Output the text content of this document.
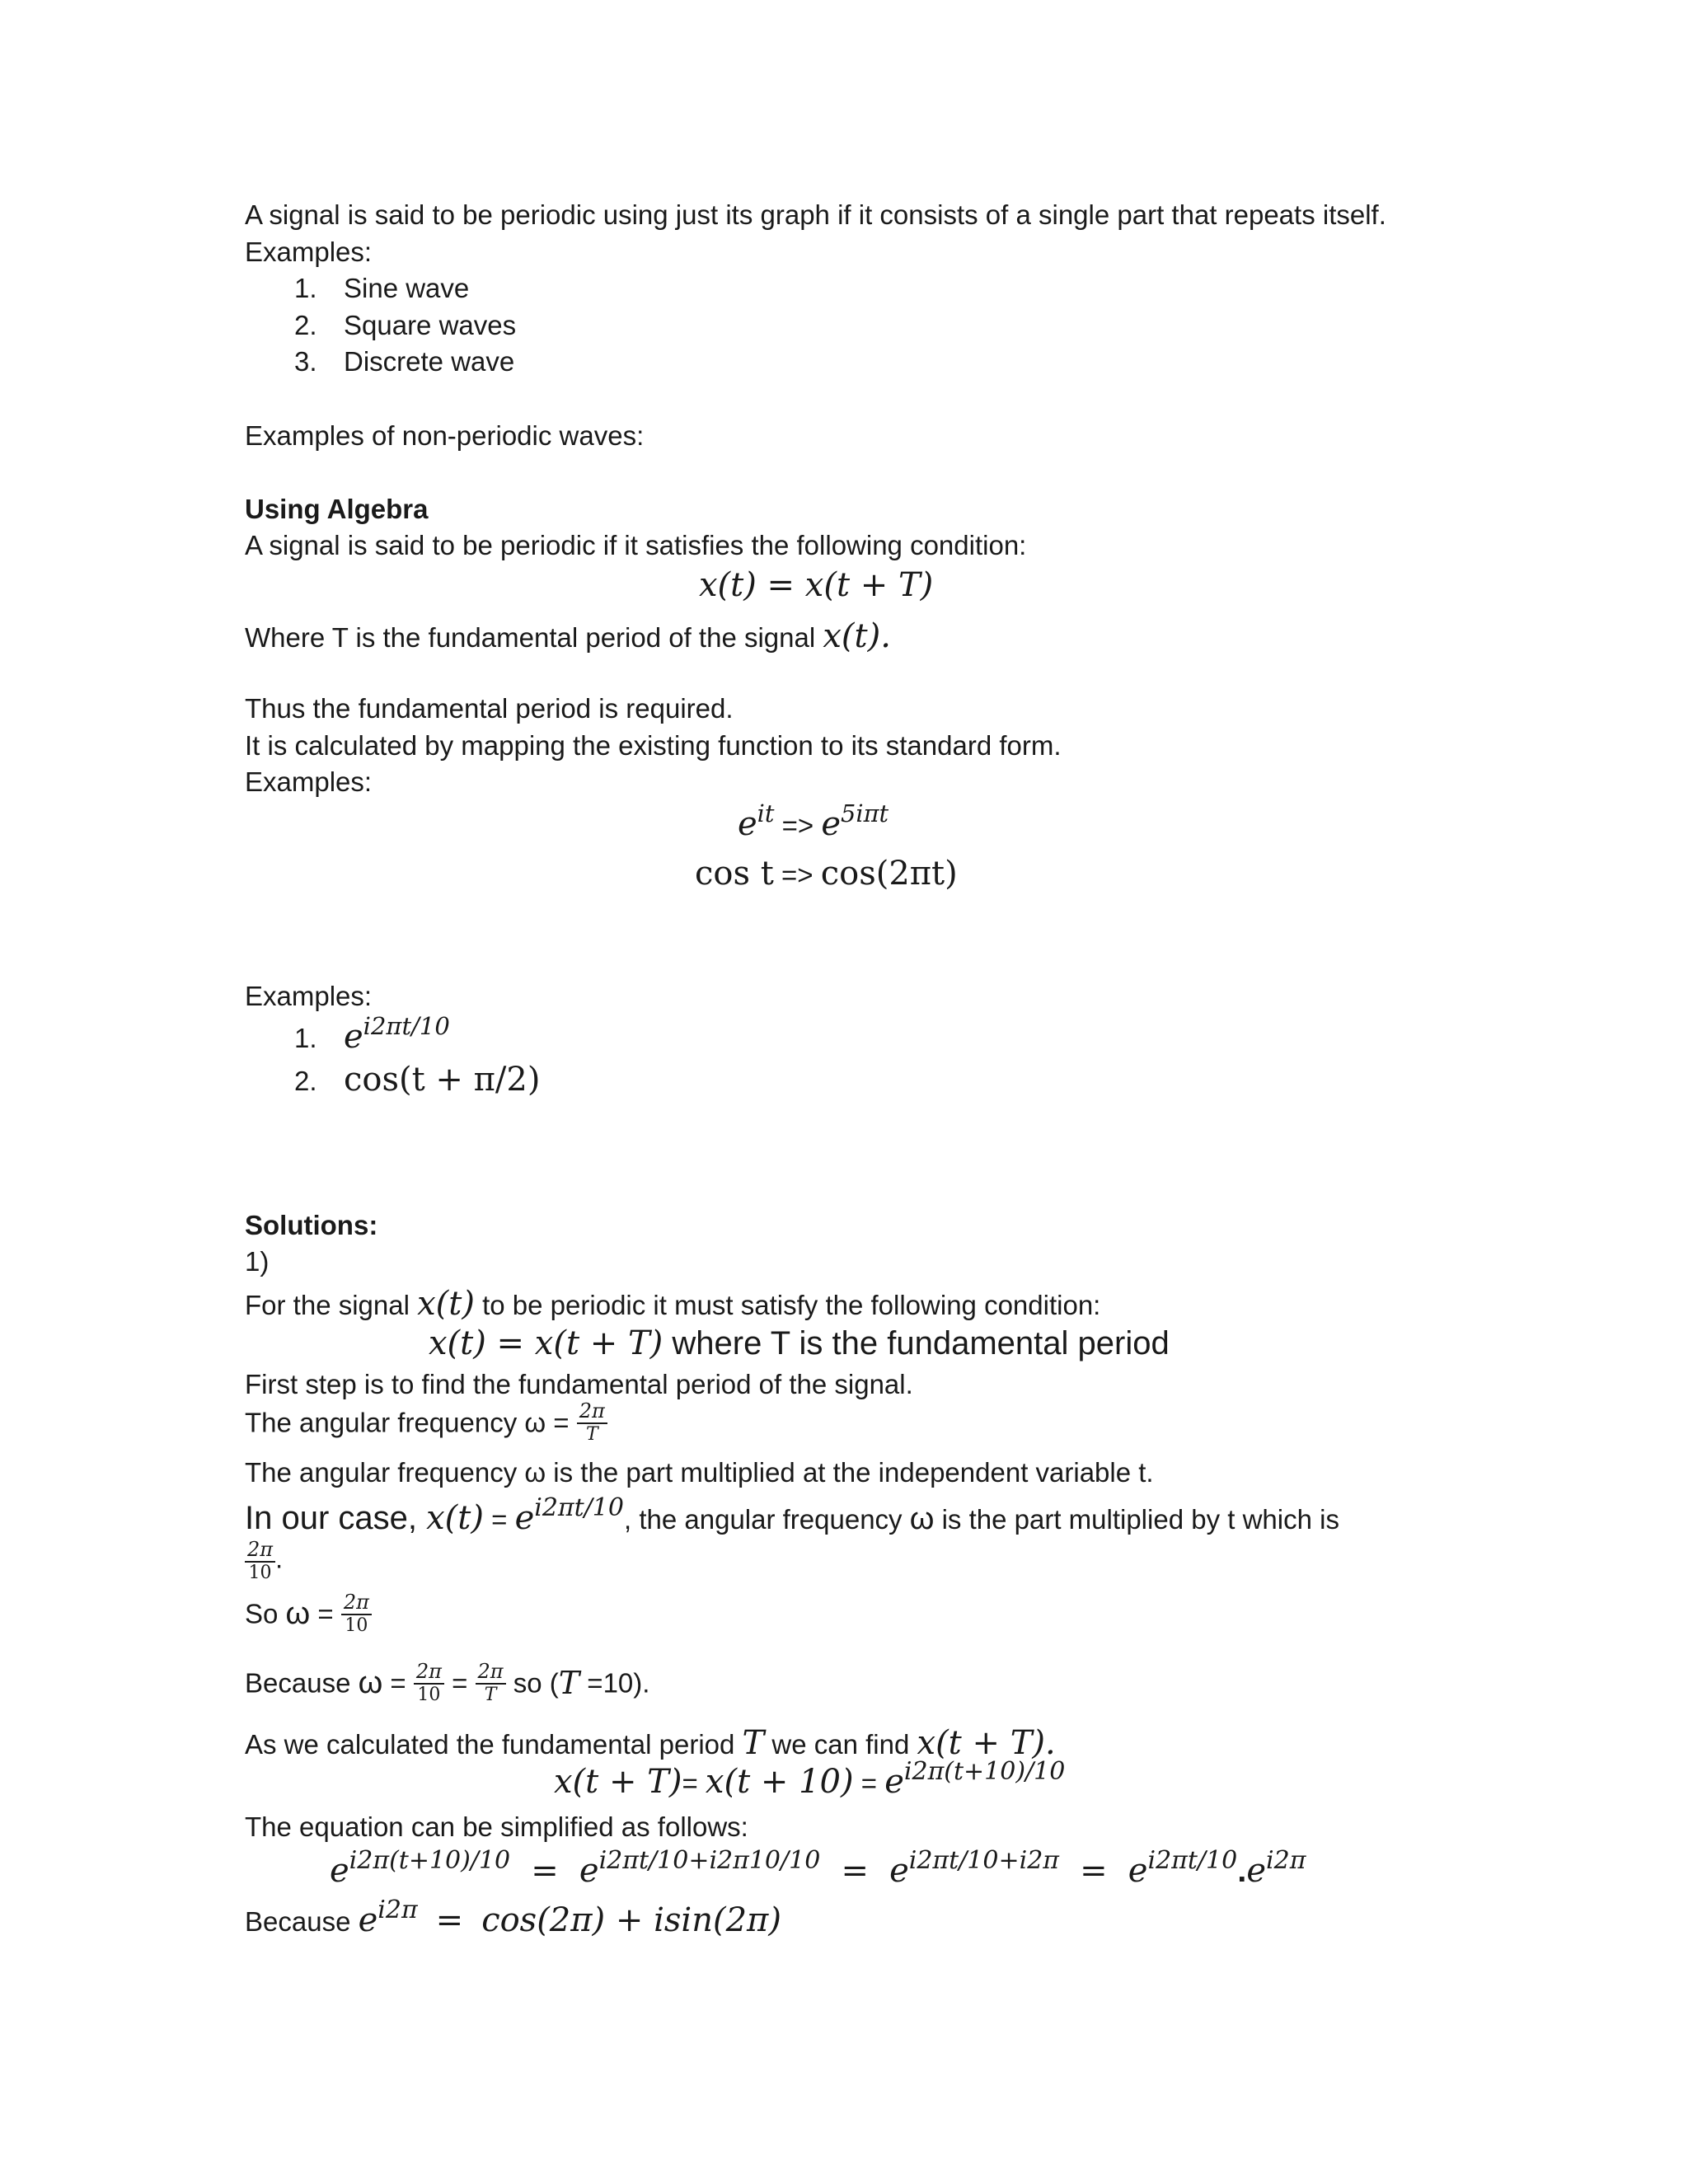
A signal is said to be periodic using just its graph if it consists of a single part that repeats itself.
Examples:
1. Sine wave
2. Square waves
3. Discrete wave
Examples of non-periodic waves:
Using Algebra
A signal is said to be periodic if it satisfies the following condition:
x(t) = x(t + T)
Where T is the fundamental period of the signal x(t).
Thus the fundamental period is required.
It is calculated by mapping the existing function to its standard form.
Examples:
$e^{it} => e^{5i\pi t}$
cos t => cos(2πt)
Examples:
1. $e^{i2\pi t/10}$
2. cos(t + π/2)
Solutions:
1)
For the signal x(t) to be periodic it must satisfy the following condition:
x(t) = x(t + T) where T is the fundamental period
First step is to find the fundamental period of the signal.
The angular frequency $\omega = \frac{2\pi}{T}$
The angular frequency ω is the part multiplied at the independent variable t.
In our case, $x(t) = e^{i2\pi t/10}$, the angular frequency ω is the part multiplied by t which is
$\frac{2\pi}{10}$ .
So $\omega = \frac{2\pi}{10}$
Because $\omega = \frac{2\pi}{10} = \frac{2\pi}{T}$ so (T =10).
As we calculated the fundamental period T we can find x(t + T).
$x(t + T)= x(t + 10) = e^{i2\pi(t+10)/10}$
The equation can be simplified as follows:
$e^{i2\pi(t+10)/10} = e^{i2\pi t/10+i2\pi 10/10} = e^{i2\pi t/10+i2\pi} = e^{i2\pi t/10}.e^{i2\pi}$
Because $e^{i2\pi} = \cos(2\pi) + isin(2\pi)$
